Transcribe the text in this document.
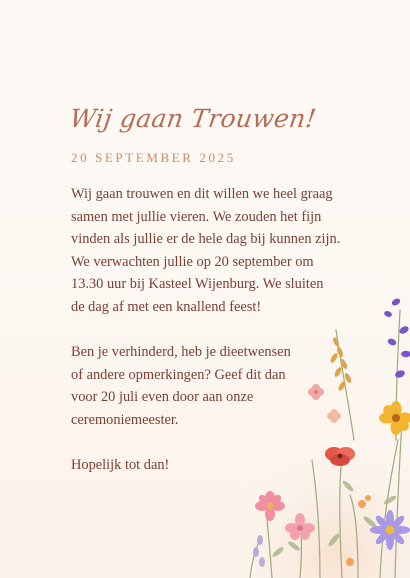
Wij gaan Trouwen!
20 SEPTEMBER 2025

Wij gaan trouwen en dit willen we heel graag
samen met jullie vieren. We zouden het fijn
vinden als jullie er de hele dag bij kunnen zijn.
We verwachten jullie op 20 september om
13.30 uur bij Kasteel Wijenburg. We sluiten
de dag af met een knallend feest!

Ben je verhinderd, heb je dieetwensen
of andere opmerkingen? Geef dit dan
voor 20 juli even door aan onze
ceremoniemeester.

Hopelijk tot dan!
